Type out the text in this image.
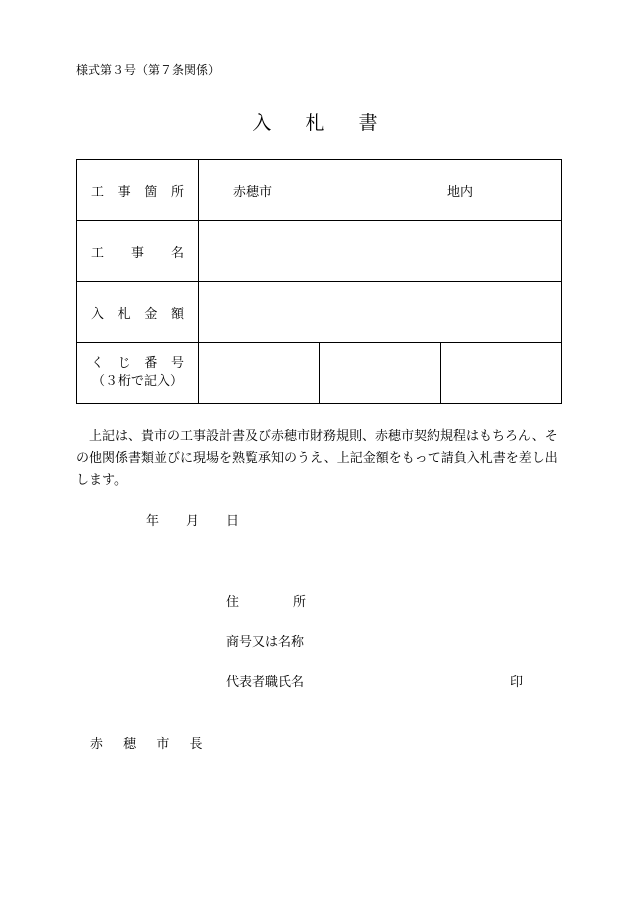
様式第３号（第７条関係）
入 札 書
工 事 箇 所	赤穂市 地内		

工 事 名			

入 札 金 額			

く じ 番 号
（３桁で記入）			

上記は、貴市の工事設計書及び赤穂市財務規則、赤穂市契約規程はもちろん、その他関係書類並びに現場を熟覧承知のうえ、上記金額をもって請負入札書を差し出します。
年 月 日
住	所
商号又は名称
代表者職氏名	印
赤 穂 市 長
